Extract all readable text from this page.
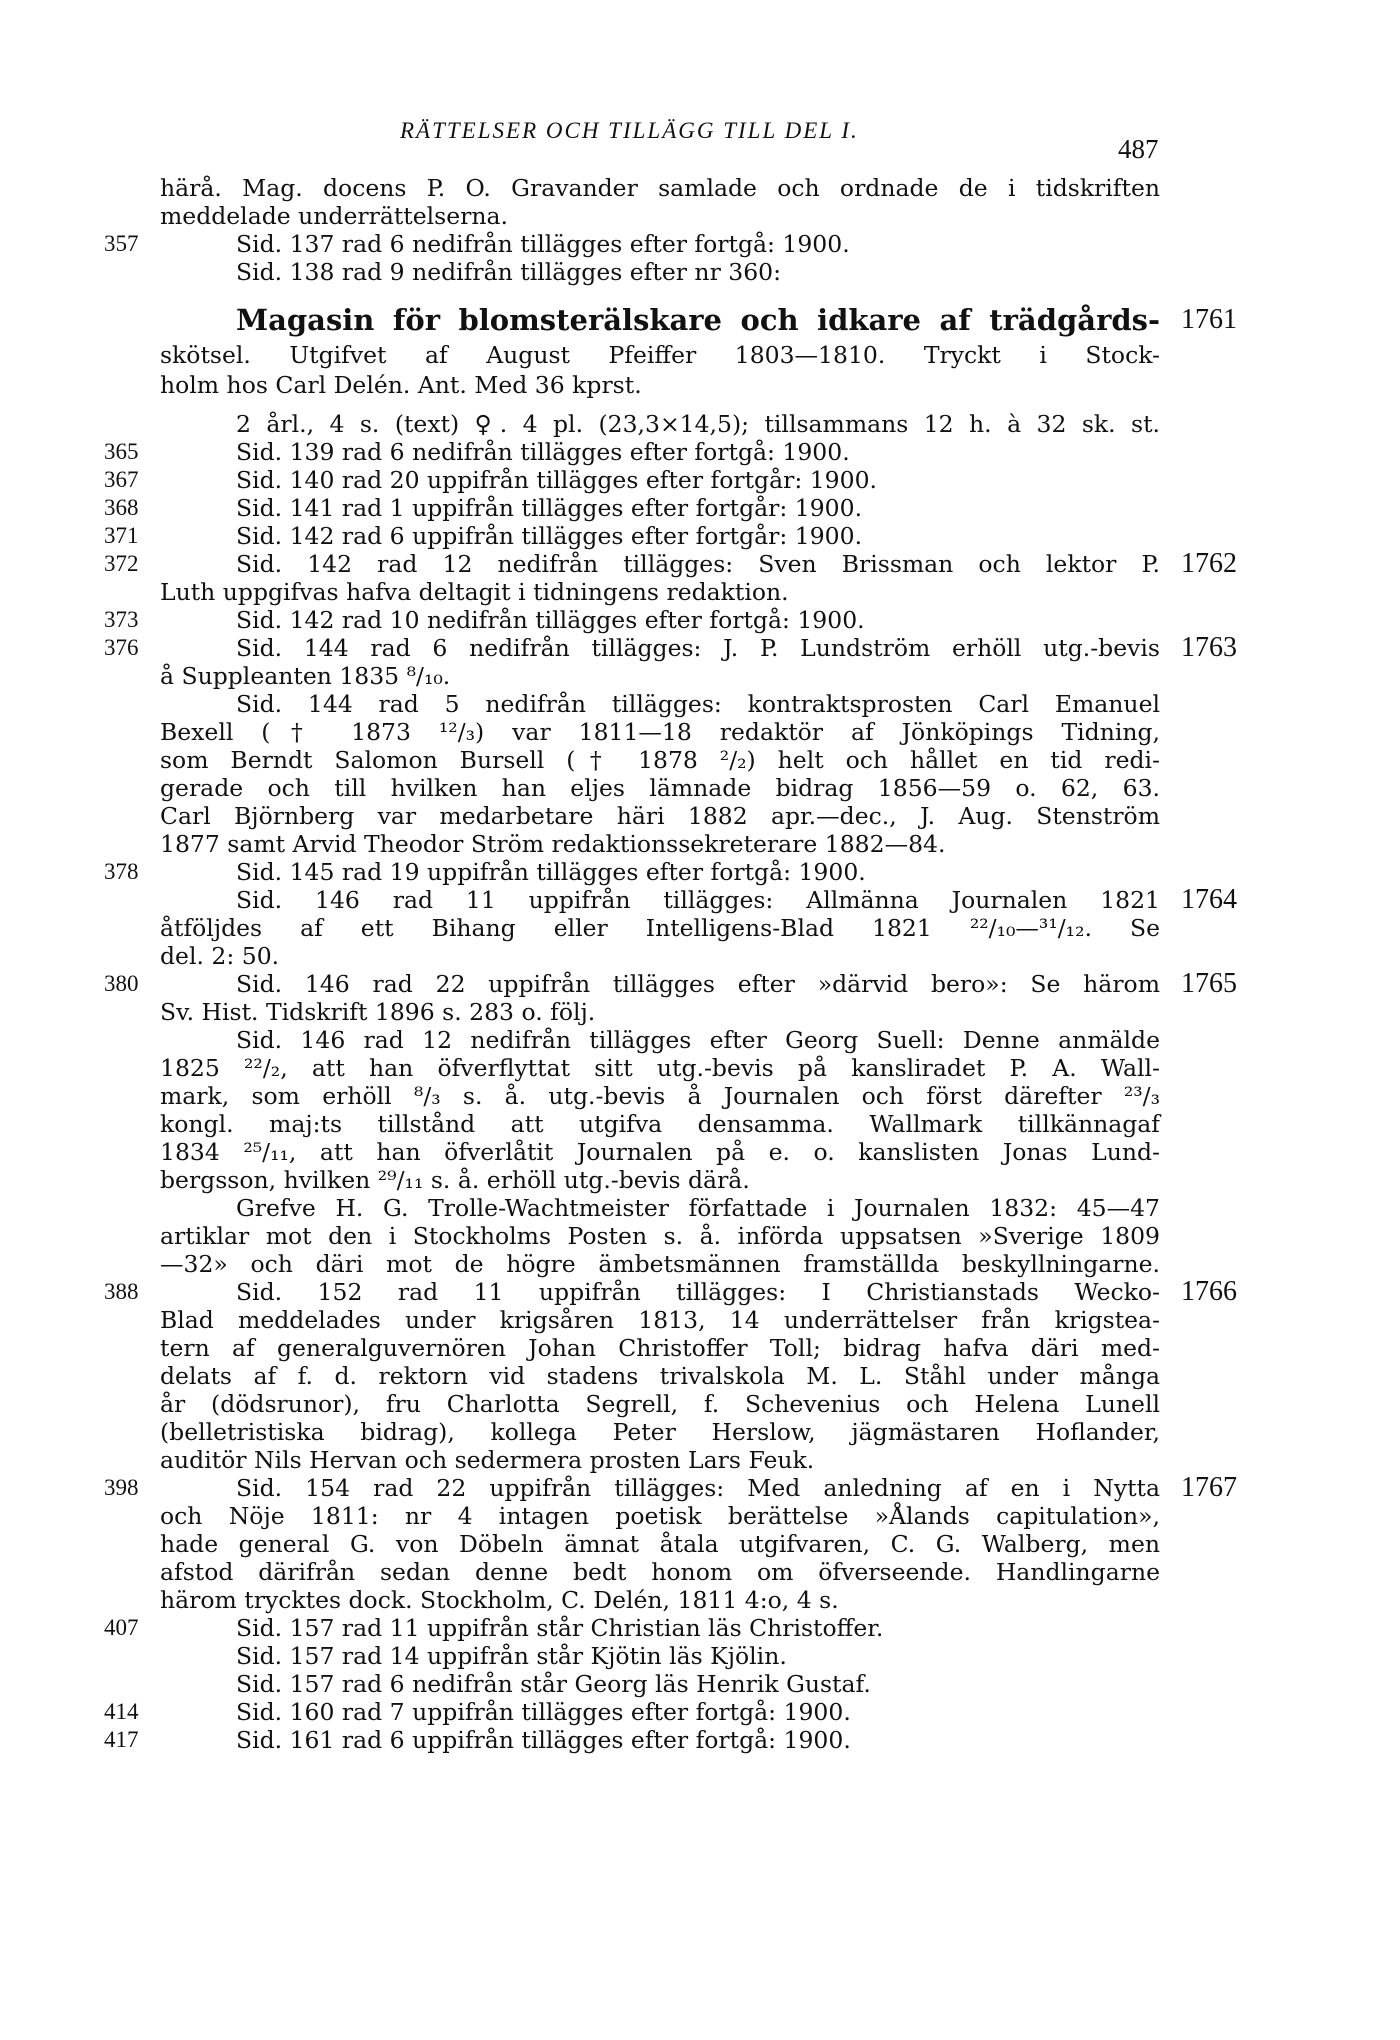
RÄTTELSER OCH TILLÄGG TILL DEL I.
487
härå. Mag. docens P. O. Gravander samlade och ordnade de i tidskriften
meddelade underrättelserna.
Sid. 137 rad 6 nedifrån tillägges efter fortgå: 1900.
357
Sid. 138 rad 9 nedifrån tillägges efter nr 360:
Magasin för blomsterälskare och idkare af trädgårds- 1761
skötsel. Utgifvet af August Pfeiffer 1803—1810. Tryckt i Stock-
holm hos Carl Delén. Ant. Med 36 kprst.
2 årl., 4 s. (text) ♀. 4 pl. (23,3×14,5); tillsammans 12 h. à 32 sk. st.
Sid. 139 rad 6 nedifrån tillägges efter fortgå: 1900.
365
Sid. 140 rad 20 uppifrån tillägges efter fortgår: 1900.
367
Sid. 141 rad 1 uppifrån tillägges efter fortgår: 1900.
368
Sid. 142 rad 6 uppifrån tillägges efter fortgår: 1900.
371
Sid. 142 rad 12 nedifrån tillägges: Sven Brissman och lektor P.
372	1762
Luth uppgifvas hafva deltagit i tidningens redaktion.
Sid. 142 rad 10 nedifrån tillägges efter fortgå: 1900.
373
Sid. 144 rad 6 nedifrån tillägges: J. P. Lundström erhöll utg.-bevis
376	1763
å Suppleanten 1835 ⁸/₁₀.
Sid. 144 rad 5 nedifrån tillägges: kontraktsprosten Carl Emanuel
Bexell († 1873 ¹²/₃) var 1811—18 redaktör af Jönköpings Tidning,
som Berndt Salomon Bursell († 1878 ²/₂) helt och hållet en tid redi-
gerade och till hvilken han eljes lämnade bidrag 1856—59 o. 62, 63.
Carl Björnberg var medarbetare häri 1882 apr.—dec., J. Aug. Stenström
1877 samt Arvid Theodor Ström redaktionssekreterare 1882—84.
Sid. 145 rad 19 uppifrån tillägges efter fortgå: 1900.
378
Sid. 146 rad 11 uppifrån tillägges: Allmänna Journalen 1821 1764
åtföljdes af ett Bihang eller Intelligens-Blad 1821 ²²/₁₀—³¹/₁₂. Se
del. 2: 50.
Sid. 146 rad 22 uppifrån tillägges efter »därvid bero»: Se härom
380	1765
Sv. Hist. Tidskrift 1896 s. 283 o. följ.
Sid. 146 rad 12 nedifrån tillägges efter Georg Suell: Denne anmälde
1825 ²²/₂, att han öfverflyttat sitt utg.-bevis på kansliradet P. A. Wall-
mark, som erhöll ⁸/₃ s. å. utg.-bevis å Journalen och först därefter ²³/₃
kongl. maj:ts tillstånd att utgifva densamma. Wallmark tillkännagaf
1834 ²⁵/₁₁, att han öfverlåtit Journalen på e. o. kanslisten Jonas Lund-
bergsson, hvilken ²⁹/₁₁ s. å. erhöll utg.-bevis därå.
Grefve H. G. Trolle-Wachtmeister författade i Journalen 1832: 45—47
artiklar mot den i Stockholms Posten s. å. införda uppsatsen »Sverige 1809
—32» och däri mot de högre ämbetsmännen framställda beskyllningarne.
Sid. 152 rad 11 uppifrån tillägges: I Christianstads Wecko-
388	1766
Blad meddelades under krigsåren 1813, 14 underrättelser från krigstea-
tern af generalguvernören Johan Christoffer Toll; bidrag hafva däri med-
delats af f. d. rektorn vid stadens trivalskola M. L. Ståhl under många
år (dödsrunor), fru Charlotta Segrell, f. Schevenius och Helena Lunell
(belletristiska bidrag), kollega Peter Herslow, jägmästaren Hoflander,
auditör Nils Hervan och sedermera prosten Lars Feuk.
Sid. 154 rad 22 uppifrån tillägges: Med anledning af en i Nytta
398	1767
och Nöje 1811: nr 4 intagen poetisk berättelse »Ålands capitulation»,
hade general G. von Döbeln ämnat åtala utgifvaren, C. G. Walberg, men
afstod därifrån sedan denne bedt honom om öfverseende. Handlingarne
härom trycktes dock. Stockholm, C. Delén, 1811 4:o, 4 s.
Sid. 157 rad 11 uppifrån står Christian läs Christoffer.
407
Sid. 157 rad 14 uppifrån står Kjötin läs Kjölin.
Sid. 157 rad 6 nedifrån står Georg läs Henrik Gustaf.
Sid. 160 rad 7 uppifrån tillägges efter fortgå: 1900.
414
Sid. 161 rad 6 uppifrån tillägges efter fortgå: 1900.
417
